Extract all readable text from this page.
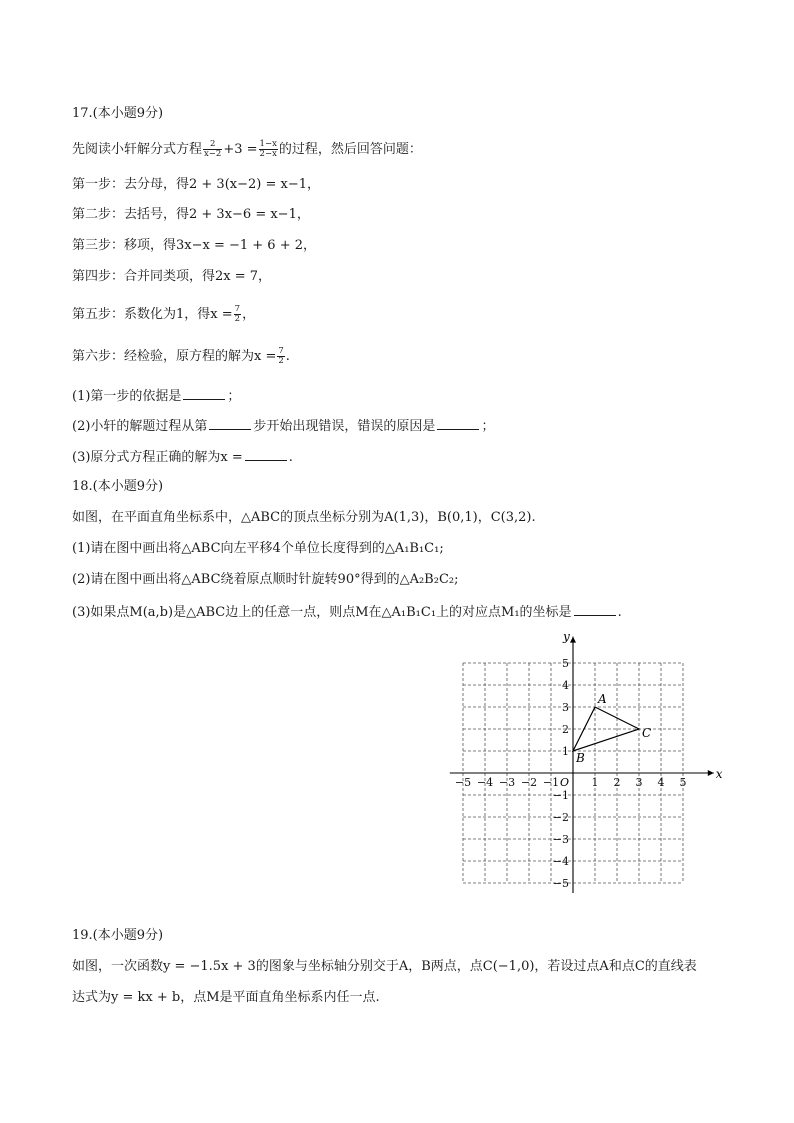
17.(本小题9分)
先阅读小轩解分式方程 $\frac{2}{x-2} +3 = \frac{1-x}{2-x}$ 的过程，然后回答问题：
第一步：去分母，得2 + 3(x−2) = x−1，
第二步：去括号，得2 + 3x−6 = x−1，
第三步：移项，得3x−x = −1 + 6 + 2，
第四步：合并同类项，得2x = 7，
第五步：系数化为1，得$x = \frac{7}{2}$ ，
第六步：经检验，原方程的解为$x = \frac{7}{2}$ .
(1)第一步的依据是	；
(2)小轩的解题过程从第	步开始出现错误，错误的原因是	；
(3)原分式方程正确的解为x =	.
18.(本小题9分)
如图，在平面直角坐标系中，△ABC的顶点坐标分别为A(1,3)，B(0,1)，C(3,2).
(1)请在图中画出将△ABC向左平移4个单位长度得到的△A₁B₁C₁;
(2)请在图中画出将△ABC绕着原点顺时针旋转90°得到的△A₂B₂C₂;
(3)如果点M(a,b)是△ABC边上的任意一点，则点M在△A₁B₁C₁上的对应点M₁的坐标是	.
x
y
O
−5 −4 −3 −2 −1	1 2 3 4 5
−5
−4
−3
−2
−1
1
2
3
4
5
A
B
C
19.(本小题9分)
如图，一次函数y = −1.5x + 3的图象与坐标轴分别交于A，B两点，点C(−1,0)，若设过点A和点C的直线表
达式为y = kx + b，点M是平面直角坐标系内任一点.
